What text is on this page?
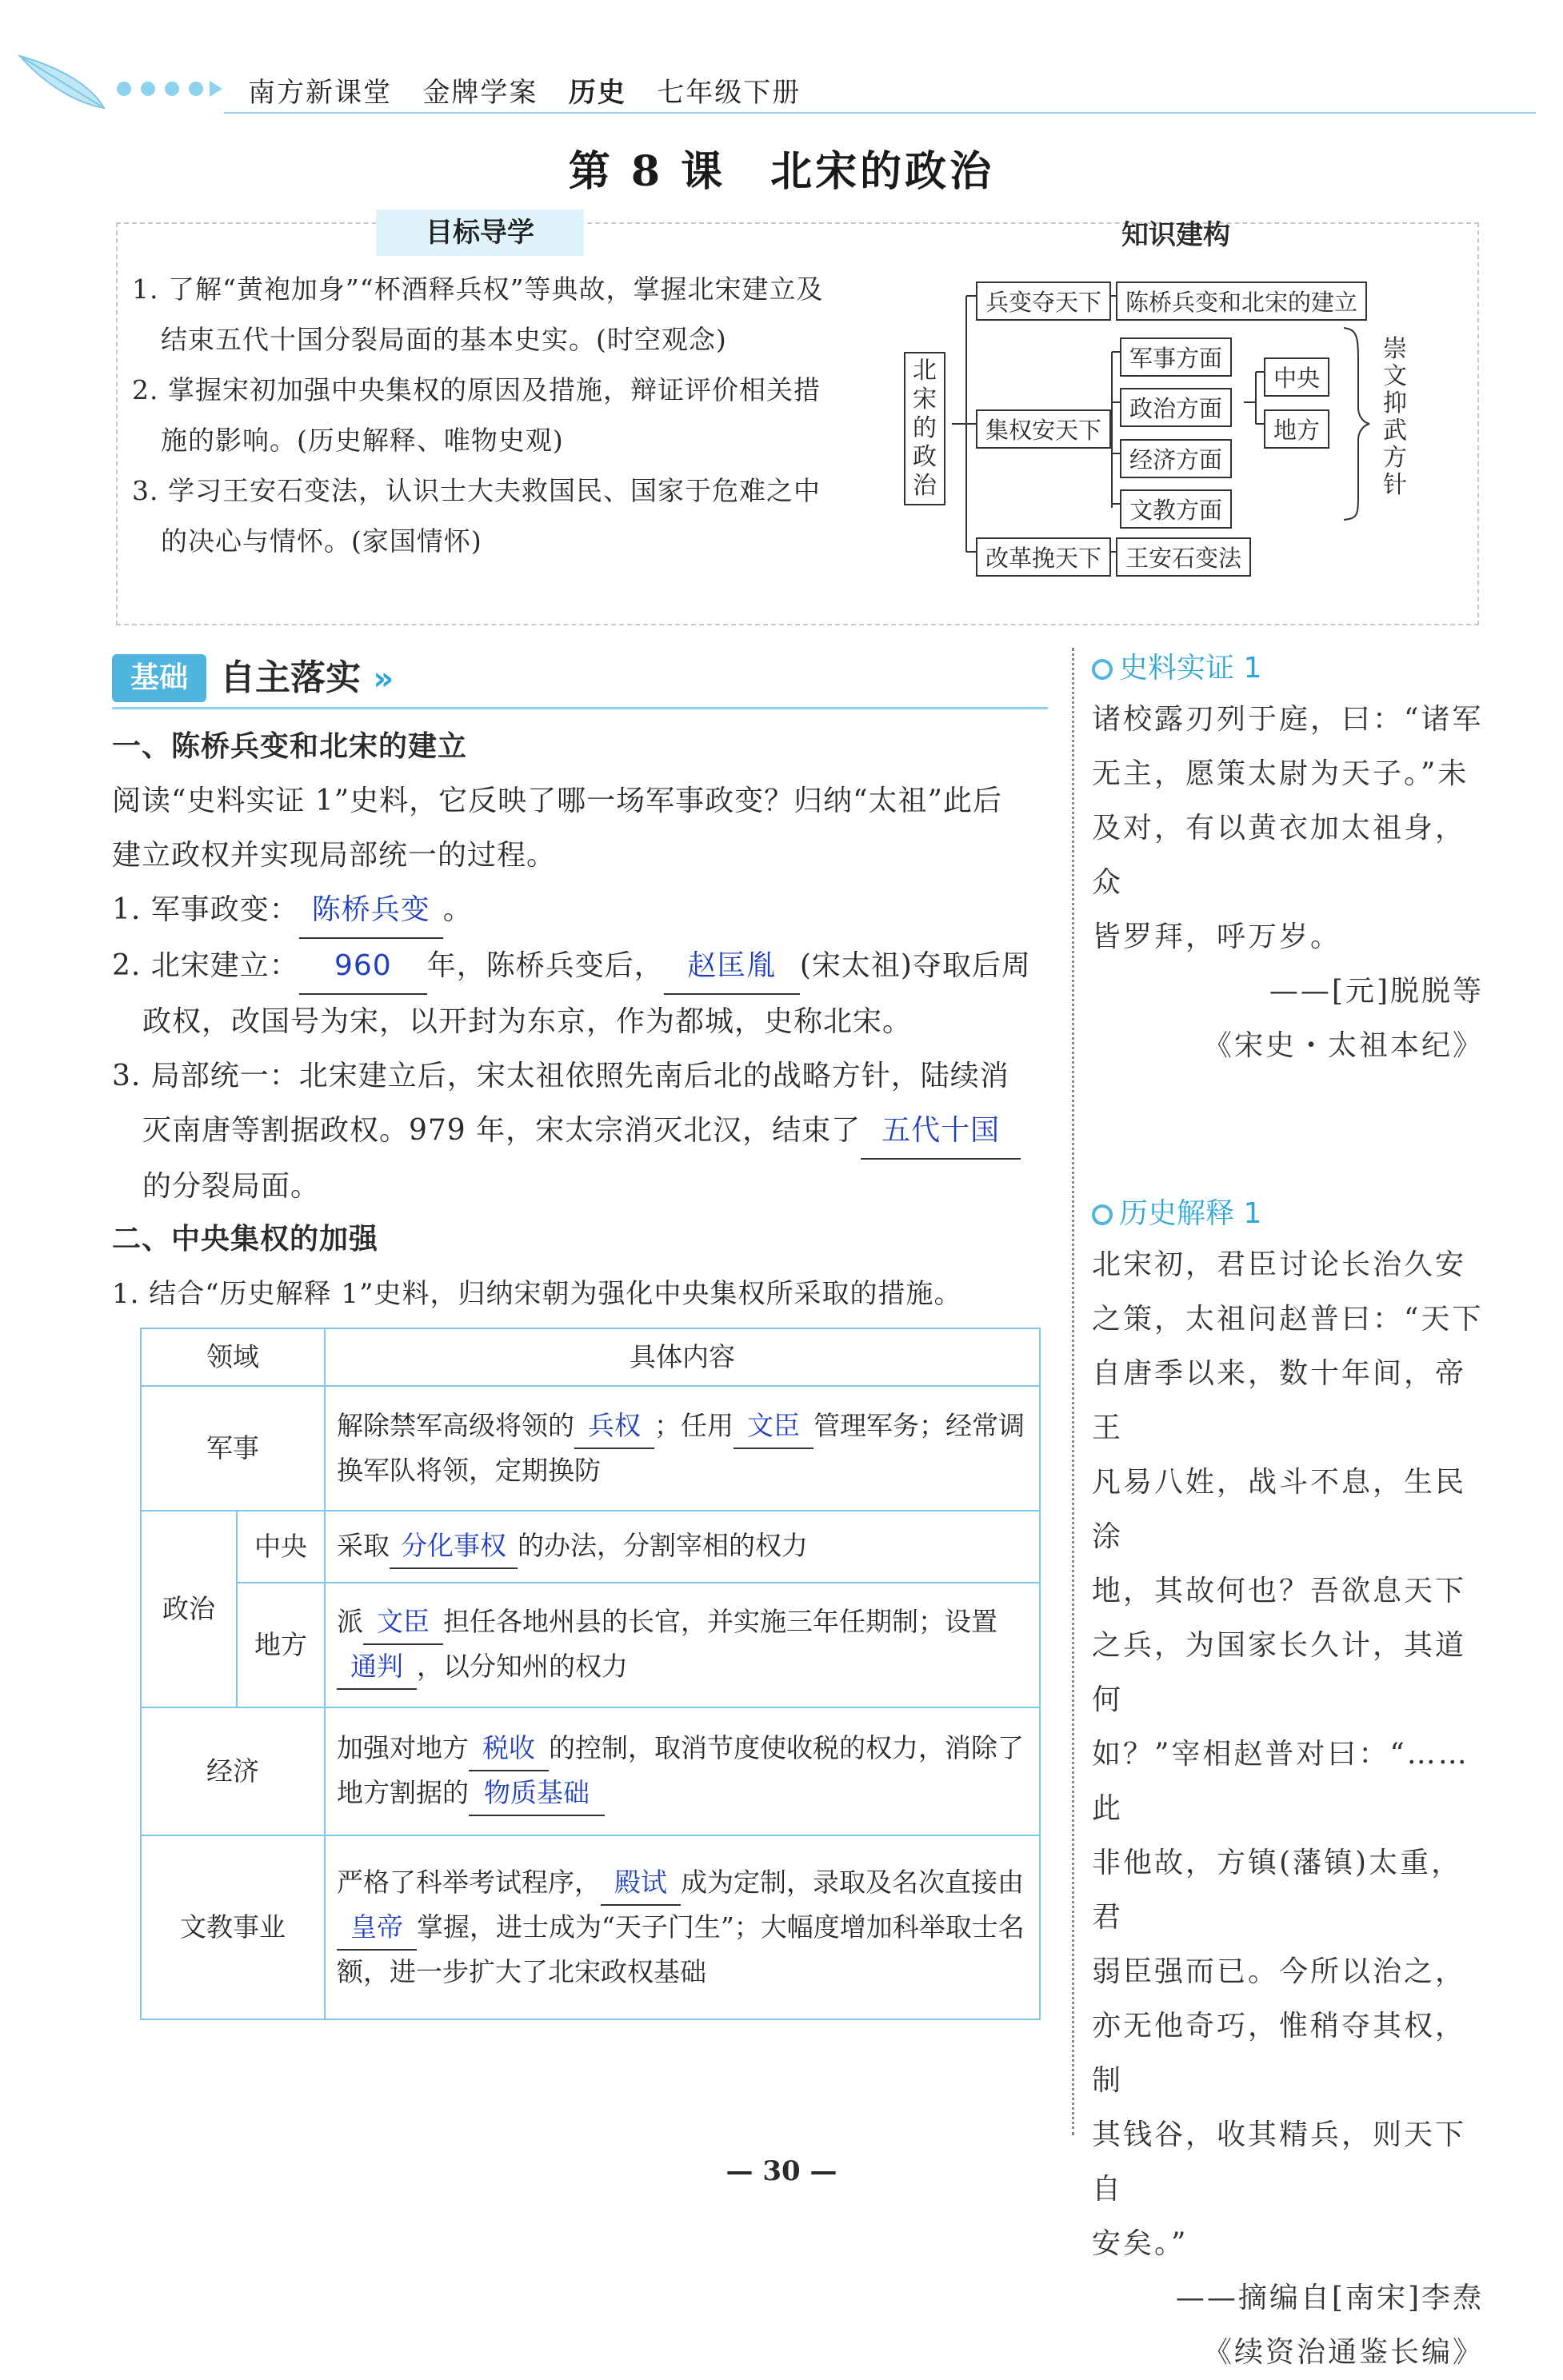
南方新课堂 金牌学案 历史 七年级下册
第 8 课　北宋的政治
目标导学
1. 了解“黄袍加身”“杯酒释兵权”等典故，掌握北宋建立及
结束五代十国分裂局面的基本史实。(时空观念)
2. 掌握宋初加强中央集权的原因及措施，辩证评价相关措
施的影响。(历史解释、唯物史观)
3. 学习王安石变法，认识士大夫救国民、国家于危难之中
的决心与情怀。(家国情怀)
知识建构
北宋的政治
兵变夺天下	陈桥兵变和北宋的建立
集权安天下
军事方面
政治方面
经济方面
文教方面
中央
地方
改革挽天下	王安石变法
崇文抑武方针
基础 自主落实 »
一、陈桥兵变和北宋的建立
阅读“史料实证 1”史料，它反映了哪一场军事政变？归纳“太祖”此后
建立政权并实现局部统一的过程。
1. 军事政变： 陈桥兵变 。
2. 北宋建立： 960 年，陈桥兵变后， 赵匡胤 (宋太祖)夺取后周
政权，改国号为宋，以开封为东京，作为都城，史称北宋。
3. 局部统一：北宋建立后，宋太祖依照先南后北的战略方针，陆续消
灭南唐等割据政权。979 年，宋太宗消灭北汉，结束了 五代十国
的分裂局面。
二、中央集权的加强
1. 结合“历史解释 1”史料，归纳宋朝为强化中央集权所采取的措施。
领域		具体内容
军事		解除禁军高级将领的 兵权 ；任用 文臣 管理军务；经常调
换军队将领，定期换防
政治	中央	采取 分化事权 的办法，分割宰相的权力
	地方	派 文臣 担任各地州县的长官，并实施三年任期制；设置
通判 ，以分知州的权力
经济		加强对地方 税收 的控制，取消节度使收税的权力，消除了
地方割据的 物质基础
文教事业		严格了科举考试程序， 殿试 成为定制，录取及名次直接由
皇帝 掌握，进士成为“天子门生”；大幅度增加科举取士名
额，进一步扩大了北宋政权基础
史料实证 1
诸校露刃列于庭，曰：“诸军
无主，愿策太尉为天子。”未
及对，有以黄衣加太祖身，众
皆罗拜，呼万岁。
——[元]脱脱等
《宋史・太祖本纪》
历史解释 1
北宋初，君臣讨论长治久安
之策，太祖问赵普曰：“天下
自唐季以来，数十年间，帝王
凡易八姓，战斗不息，生民涂
地，其故何也？吾欲息天下
之兵，为国家长久计，其道何
如？”宰相赵普对曰：“……此
非他故，方镇(藩镇)太重，君
弱臣强而已。今所以治之，
亦无他奇巧，惟稍夺其权，制
其钱谷，收其精兵，则天下自
安矣。”
——摘编自[南宋]李焘
《续资治通鉴长编》
— 30 —
